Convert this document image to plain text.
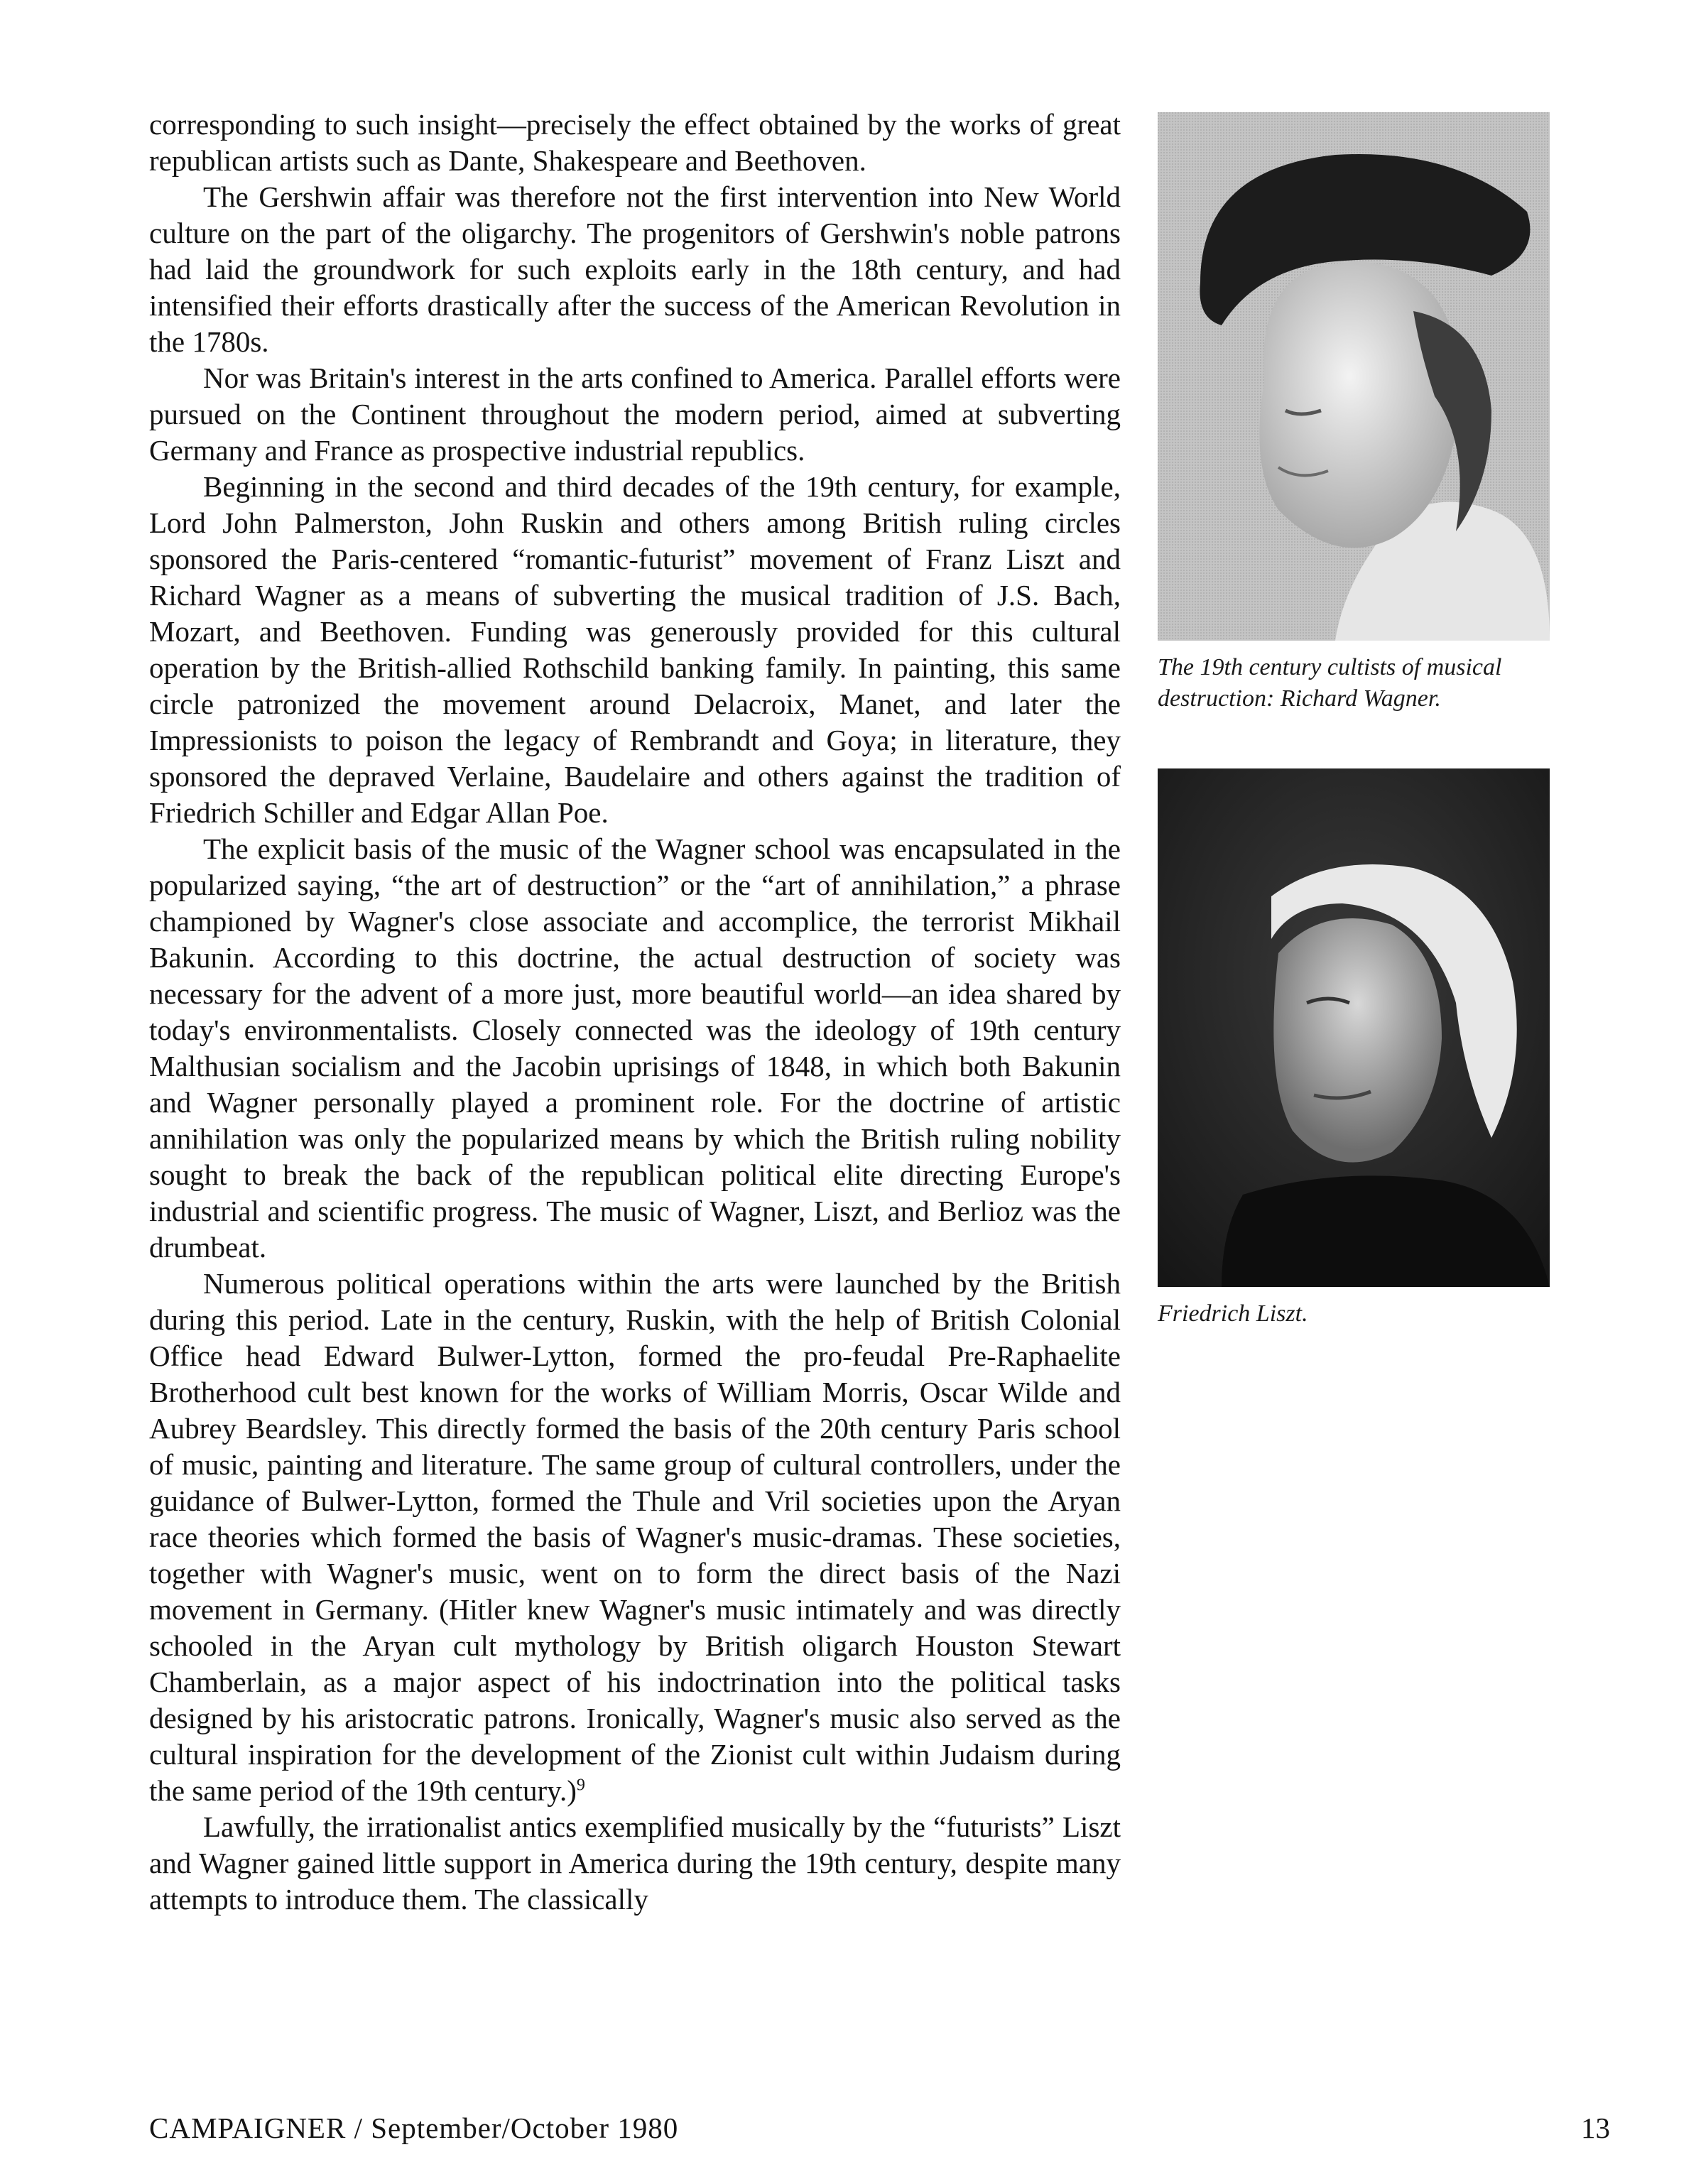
corresponding to such insight—precisely the effect obtained by the works of great republican artists such as Dante, Shakespeare and Beethoven.

The Gershwin affair was therefore not the first intervention into New World culture on the part of the oligarchy. The progenitors of Gershwin's noble patrons had laid the groundwork for such exploits early in the 18th century, and had intensified their efforts drastically after the success of the American Revolution in the 1780s.

Nor was Britain's interest in the arts confined to America. Parallel efforts were pursued on the Continent throughout the modern period, aimed at subverting Germany and France as prospective industrial republics.

Beginning in the second and third decades of the 19th century, for example, Lord John Palmerston, John Ruskin and others among British ruling circles sponsored the Paris-centered “romantic-futurist” movement of Franz Liszt and Richard Wagner as a means of subverting the musical tradition of J.S. Bach, Mozart, and Beethoven. Funding was generously provided for this cultural operation by the British-allied Rothschild banking family. In painting, this same circle patronized the movement around Delacroix, Manet, and later the Impressionists to poison the legacy of Rembrandt and Goya; in literature, they sponsored the depraved Verlaine, Baudelaire and others against the tradition of Friedrich Schiller and Edgar Allan Poe.

The explicit basis of the music of the Wagner school was encapsulated in the popularized saying, “the art of destruction” or the “art of annihilation,” a phrase championed by Wagner's close associate and accomplice, the terrorist Mikhail Bakunin. According to this doctrine, the actual destruction of society was necessary for the advent of a more just, more beautiful world—an idea shared by today's environmentalists. Closely connected was the ideology of 19th century Malthusian socialism and the Jacobin uprisings of 1848, in which both Bakunin and Wagner personally played a prominent role. For the doctrine of artistic annihilation was only the popularized means by which the British ruling nobility sought to break the back of the republican political elite directing Europe's industrial and scientific progress. The music of Wagner, Liszt, and Berlioz was the drumbeat.

Numerous political operations within the arts were launched by the British during this period. Late in the century, Ruskin, with the help of British Colonial Office head Edward Bulwer-Lytton, formed the pro-feudal Pre-Raphaelite Brotherhood cult best known for the works of William Morris, Oscar Wilde and Aubrey Beardsley. This directly formed the basis of the 20th century Paris school of music, painting and literature. The same group of cultural controllers, under the guidance of Bulwer-Lytton, formed the Thule and Vril societies upon the Aryan race theories which formed the basis of Wagner's music-dramas. These societies, together with Wagner's music, went on to form the direct basis of the Nazi movement in Germany. (Hitler knew Wagner's music intimately and was directly schooled in the Aryan cult mythology by British oligarch Houston Stewart Chamberlain, as a major aspect of his indoctrination into the political tasks designed by his aristocratic patrons. Ironically, Wagner's music also served as the cultural inspiration for the development of the Zionist cult within Judaism during the same period of the 19th century.)$^9$

Lawfully, the irrationalist antics exemplified musically by the “futurists” Liszt and Wagner gained little support in America during the 19th century, despite many attempts to introduce them. The classically

The 19th century cultists of musical destruction: Richard Wagner.
Friedrich Liszt.
CAMPAIGNER / September/October 1980	13
